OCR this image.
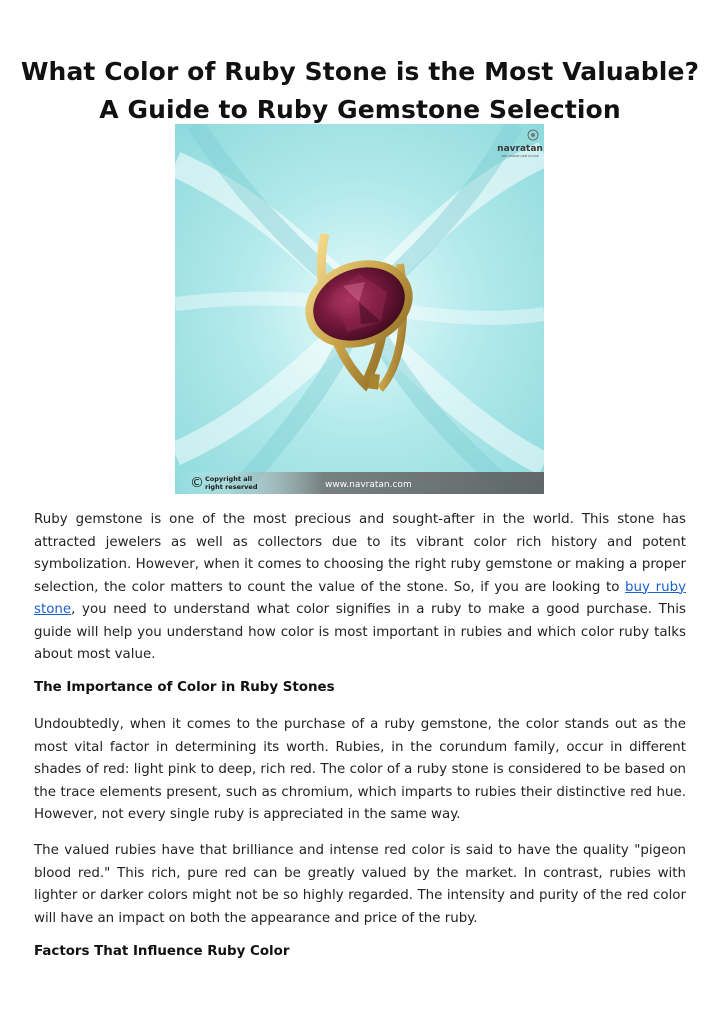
What Color of Ruby Stone is the Most Valuable?
A Guide to Ruby Gemstone Selection
© Copyright all
right reserved	www.navratan.com
navratan
THE ONLINE GEM HOUSE

Ruby gemstone is one of the most precious and sought-after in the world. This stone has attracted jewelers as well as collectors due to its vibrant color rich history and potent symbolization. However, when it comes to choosing the right ruby gemstone or making a proper selection, the color matters to count the value of the stone. So, if you are looking to buy ruby stone, you need to understand what color signifies in a ruby to make a good purchase. This guide will help you understand how color is most important in rubies and which color ruby talks about most value.

The Importance of Color in Ruby Stones

Undoubtedly, when it comes to the purchase of a ruby gemstone, the color stands out as the most vital factor in determining its worth. Rubies, in the corundum family, occur in different shades of red: light pink to deep, rich red. The color of a ruby stone is considered to be based on the trace elements present, such as chromium, which imparts to rubies their distinctive red hue. However, not every single ruby is appreciated in the same way.

The valued rubies have that brilliance and intense red color is said to have the quality "pigeon blood red." This rich, pure red can be greatly valued by the market. In contrast, rubies with lighter or darker colors might not be so highly regarded. The intensity and purity of the red color will have an impact on both the appearance and price of the ruby.

Factors That Influence Ruby Color
